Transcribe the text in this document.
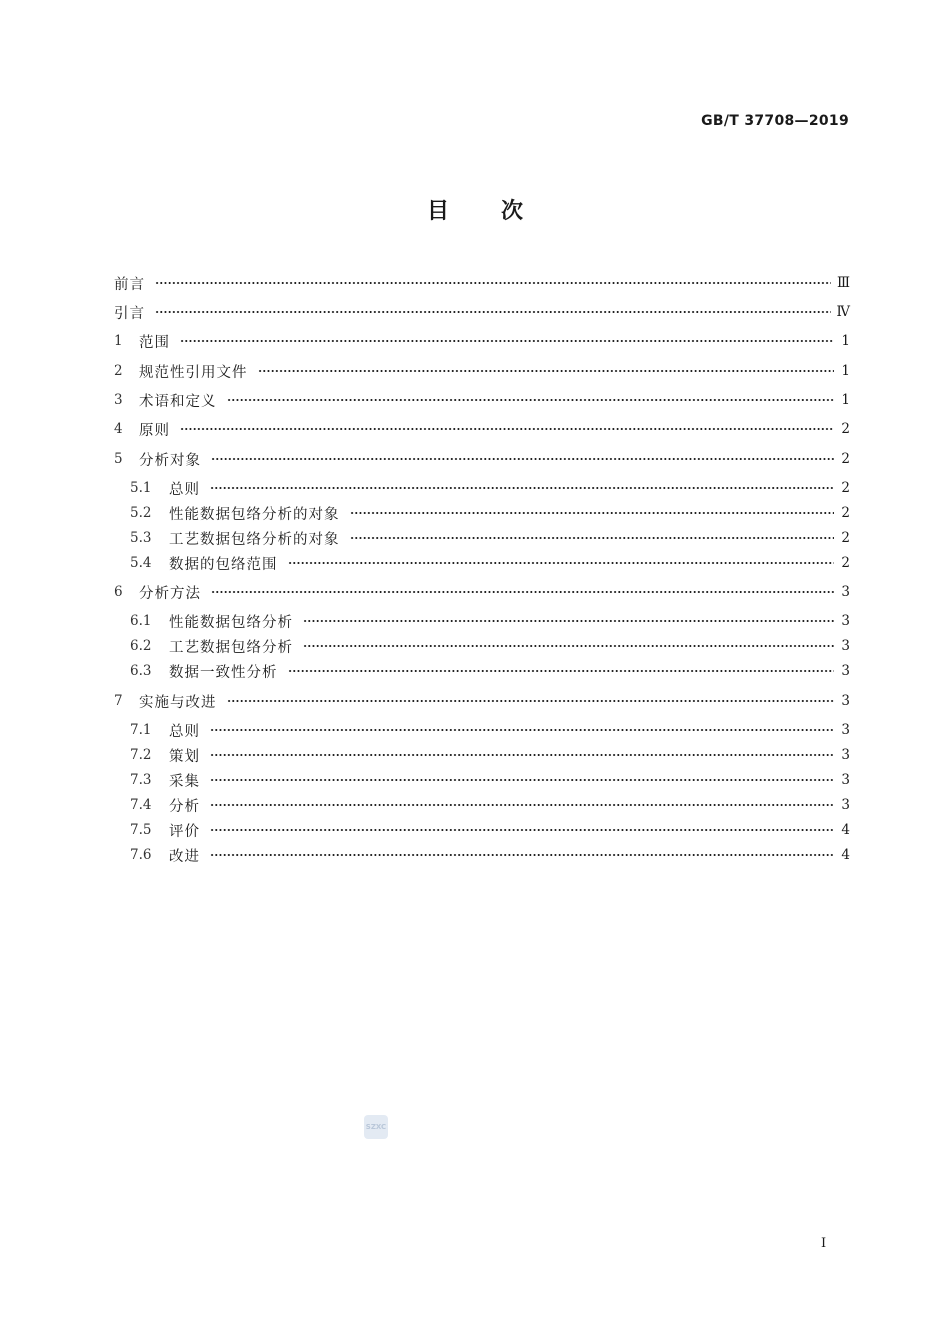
GB/T 37708—2019
目次
前言	Ⅲ
引言	Ⅳ
1	范围	1
2	规范性引用文件	1
3	术语和定义	1
4	原则	2
5	分析对象	2
5.1	总则	2
5.2	性能数据包络分析的对象	2
5.3	工艺数据包络分析的对象	2
5.4	数据的包络范围	2
6	分析方法	3
6.1	性能数据包络分析	3
6.2	工艺数据包络分析	3
6.3	数据一致性分析	3
7	实施与改进	3
7.1	总则	3
7.2	策划	3
7.3	采集	3
7.4	分析	3
7.5	评价	4
7.6	改进	4
SZXC
I
